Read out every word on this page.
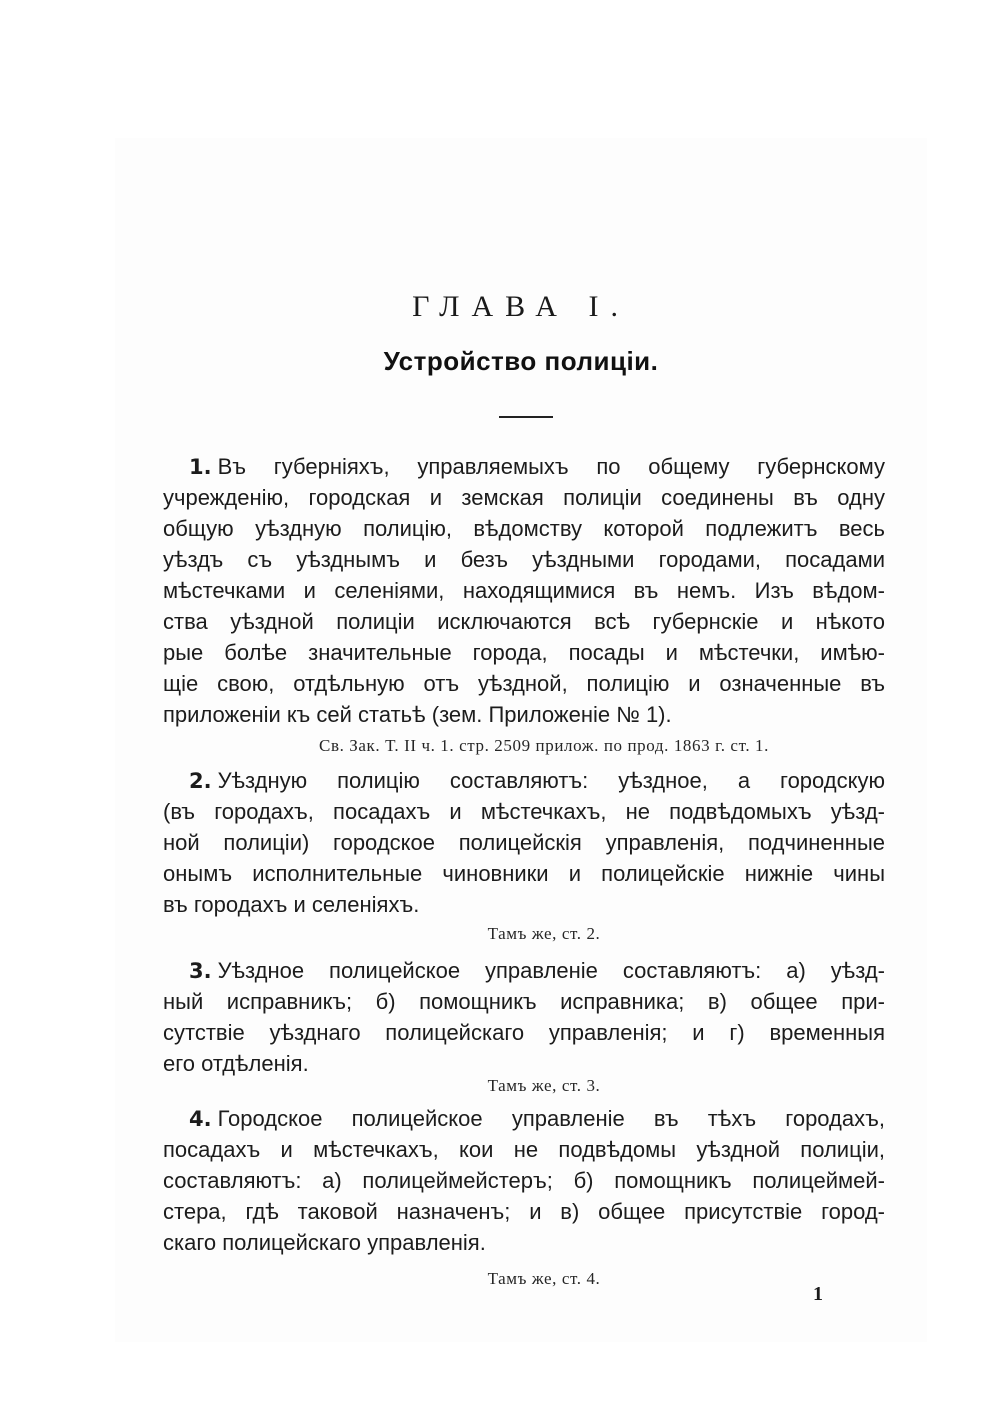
ГЛАВА I.
Устройство полиціи.
1. Въ губерніяхъ, управляемыхъ по общему губернскому
учрежденію, городская и земская полиціи соединены въ одну
общую уѣздную полицію, вѣдомству которой подлежитъ весь
уѣздъ съ уѣзднымъ и безъ уѣздными городами, посадами
мѣстечками и селеніями, находящимися въ немъ. Изъ вѣдом-
ства уѣздной полиціи исключаются всѣ губернскіе и нѣкото
рые болѣе значительные города, посады и мѣстечки, имѣю-
щіе свою, отдѣльную отъ уѣздной, полицію и означенные въ
приложеніи къ сей статьѣ (зем. Приложеніе № 1).
Св. Зак. Т. II ч. 1. стр. 2509 прилож. по прод. 1863 г. ст. 1.
2. Уѣздную полицію составляютъ: уѣздное, а городскую
(въ городахъ, посадахъ и мѣстечкахъ, не подвѣдомыхъ уѣзд-
ной полиціи) городское полицейскія управленія, подчиненные
онымъ исполнительные чиновники и полицейскіе нижніе чины
въ городахъ и селеніяхъ.
Тамъ же, ст. 2.
3. Уѣздное полицейское управленіе составляютъ: а) уѣзд-
ный исправникъ; б) помощникъ исправника; в) общее при-
сутствіе уѣзднаго полицейскаго управленія; и г) временныя
его отдѣленія.
Тамъ же, ст. 3.
4. Городское полицейское управленіе въ тѣхъ городахъ,
посадахъ и мѣстечкахъ, кои не подвѣдомы уѣздной полиціи,
составляютъ: а) полицеймейстеръ; б) помощникъ полицеймей-
стера, гдѣ таковой назначенъ; и в) общее присутствіе город-
скаго полицейскаго управленія.
Тамъ же, ст. 4.
1
